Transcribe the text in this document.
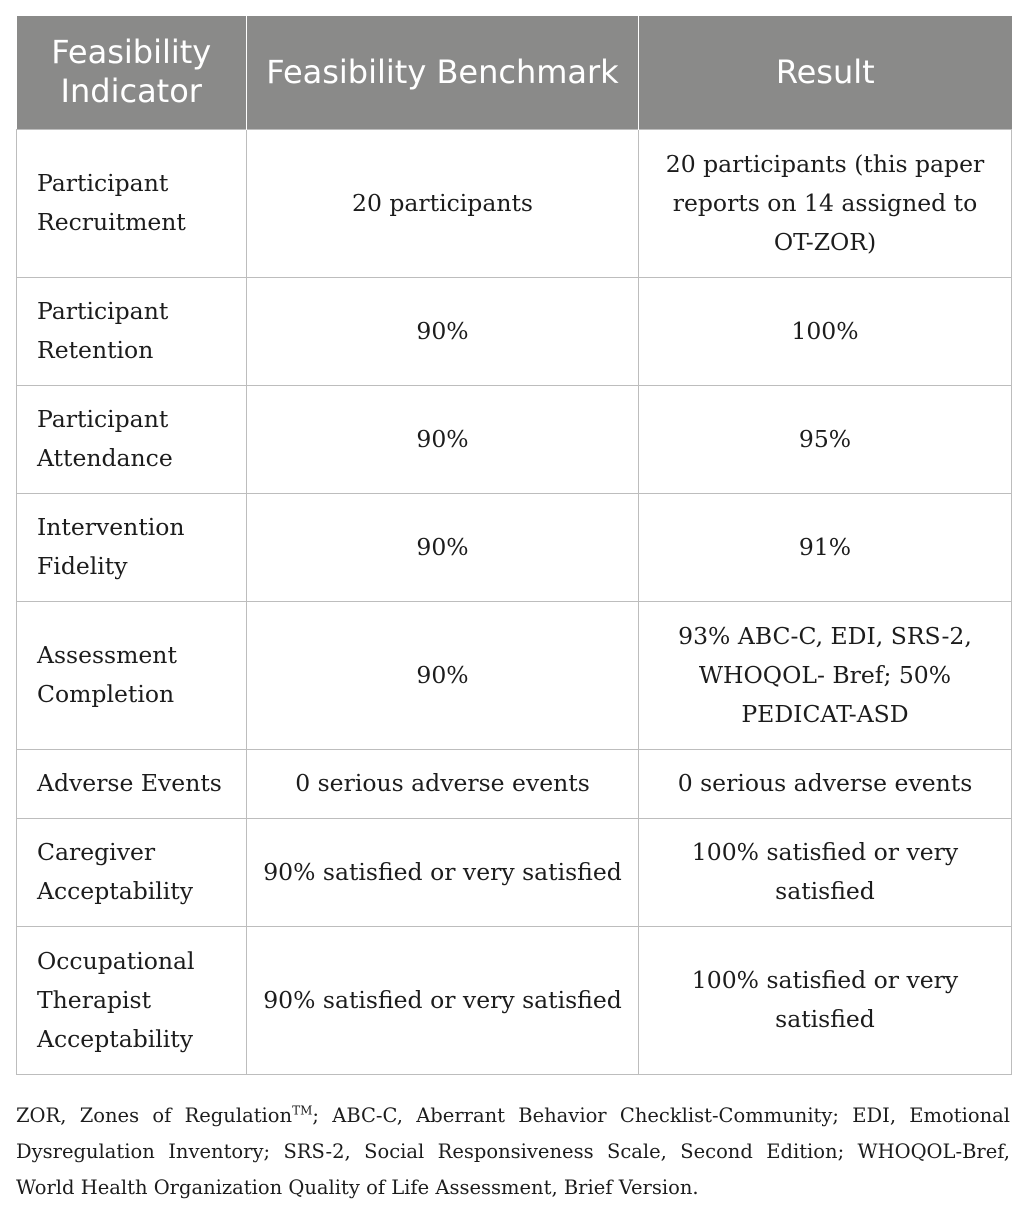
Feasibility Indicator	Feasibility Benchmark	Result
Participant Recruitment	20 participants	20 participants (this paper reports on 14 assigned to OT-ZOR)
Participant Retention	90%	100%
Participant Attendance	90%	95%
Intervention Fidelity	90%	91%
Assessment Completion	90%	93% ABC-C, EDI, SRS-2, WHOQOL- Bref; 50% PEDICAT-ASD
Adverse Events	0 serious adverse events	0 serious adverse events
Caregiver Acceptability	90% satisfied or very satisfied	100% satisfied or very satisfied
Occupational Therapist Acceptability	90% satisfied or very satisfied	100% satisfied or very satisfied

ZOR, Zones of Regulation™; ABC-C, Aberrant Behavior Checklist-Community; EDI, Emotional Dysregulation Inventory; SRS-2, Social Responsiveness Scale, Second Edition; WHOQOL-Bref, World Health Organization Quality of Life Assessment, Brief Version.
